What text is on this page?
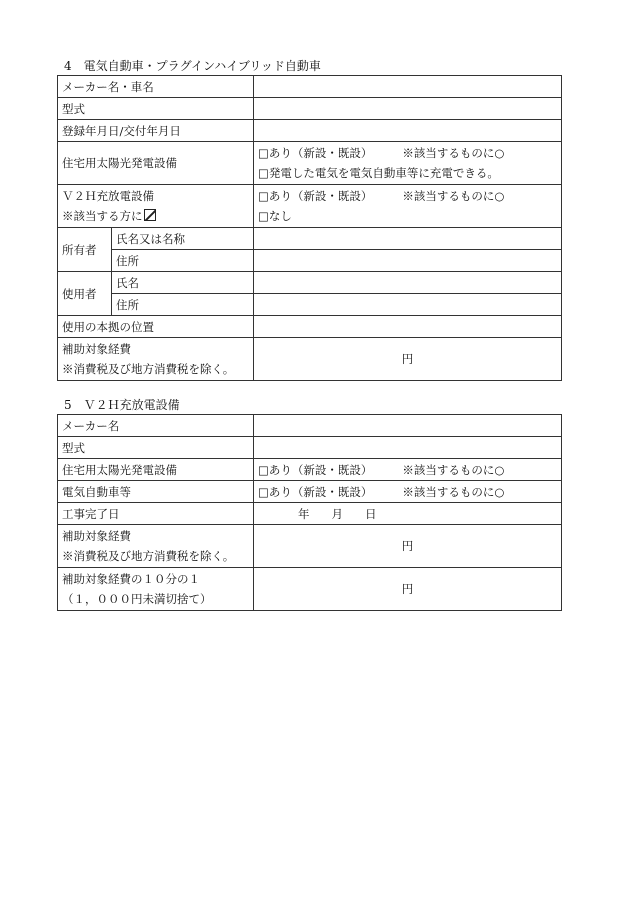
4　電気自動車・プラグインハイブリッド自動車
メーカー名・車名		
型式		
登録年月日/交付年月日		
住宅用太陽光発電設備		□あり（新設・既設） ※該当するものに○
□発電した電気を電気自動車等に充電できる。

Ｖ２Ｈ充放電設備
※該当する方に		□あり（新設・既設） ※該当するものに○
□なし

所有者	氏名又は名称	
	住所	
使用者	氏名	
	住所	
使用の本拠の位置		

補助対象経費
※消費税及び地方消費税を除く。		円
5　Ｖ２Ｈ充放電設備
メーカー名	
型式	
住宅用太陽光発電設備	□あり（新設・既設） ※該当するものに○
電気自動車等	□あり（新設・既設） ※該当するものに○
工事完了日	年 月 日

補助対象経費
※消費税及び地方消費税を除く。	円

補助対象経費の１０分の１
（１，０００円未満切捨て）	円
